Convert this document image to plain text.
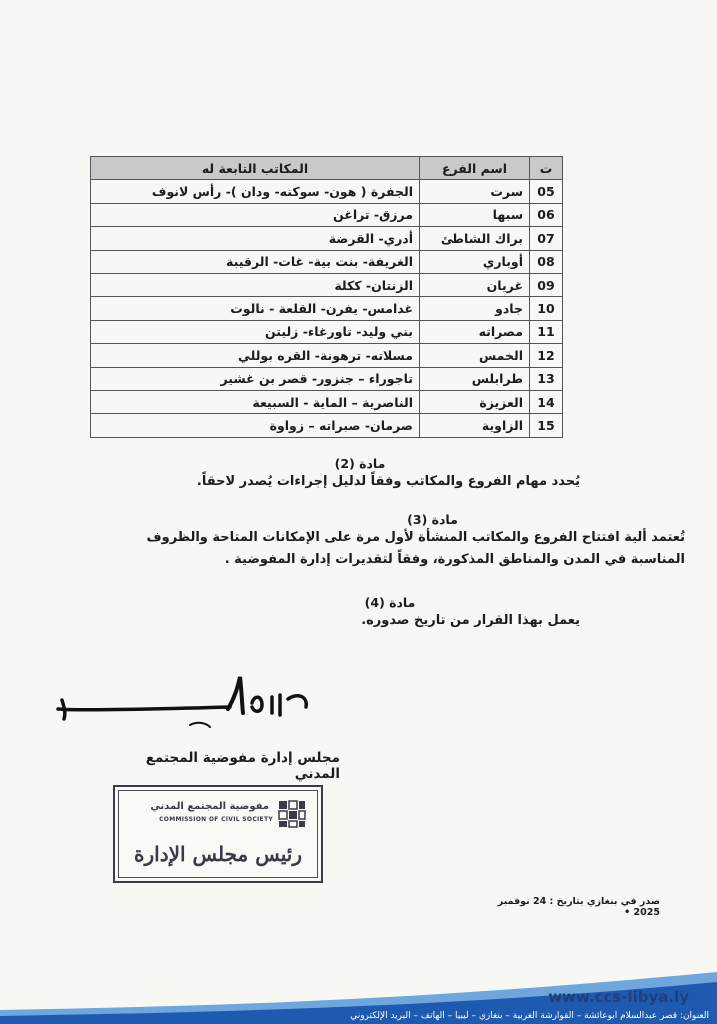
ت	اسم الفرع	المكاتب التابعة له
05	سرت	الجفرة ( هون- سوكنه- ودان )- رأس لانوف
06	سبها	مرزق- تراغن
07	براك الشاطئ	أدري- القرضة
08	أوباري	الغريفة- بنت بية- غات- الرقيبة
09	غريان	الزنتان- ككلة
10	جادو	غدامس- يفرن- القلعة - نالوت
11	مصراته	بني وليد- تاورغاء- زليتن
12	الخمس	مسلاته- ترهونة- القره بوللي
13	طرابلس	تاجوراء – جنزور- قصر بن غشير
14	العزيزة	الناصرية – الماية - السبيعة
15	الزاوية	صرمان- صبراته – زواوة
مادة (2)
يُحدد مهام الفروع والمكاتب وفقاً لدليل إجراءات يُصدر لاحقاً.
مادة (3)
تُعتمد ألية افتتاح الفروع والمكاتب المنشأة لأول مرة على الإمكانات المتاحة والظروف
المناسبة في المدن والمناطق المذكورة، وفقاً لتقديرات إدارة المفوضية .
مادة (4)
يعمل بهذا القرار من تاريخ صدوره.
مجلس إدارة مفوضية المجتمع المدني
مفوضية المجتمع المدني
COMMISSION OF CIVIL SOCIETY
رئيس مجلس الإدارة
صدر في بنغازي بتاريخ : 24 نوفمبر 2025 •
www.ccs-libya.ly
العنوان: قصر عبدالسلام أبوعائشة – القوارشة الغربية – بنغازي – ليبيا – الهاتف – البريد الإلكتروني
